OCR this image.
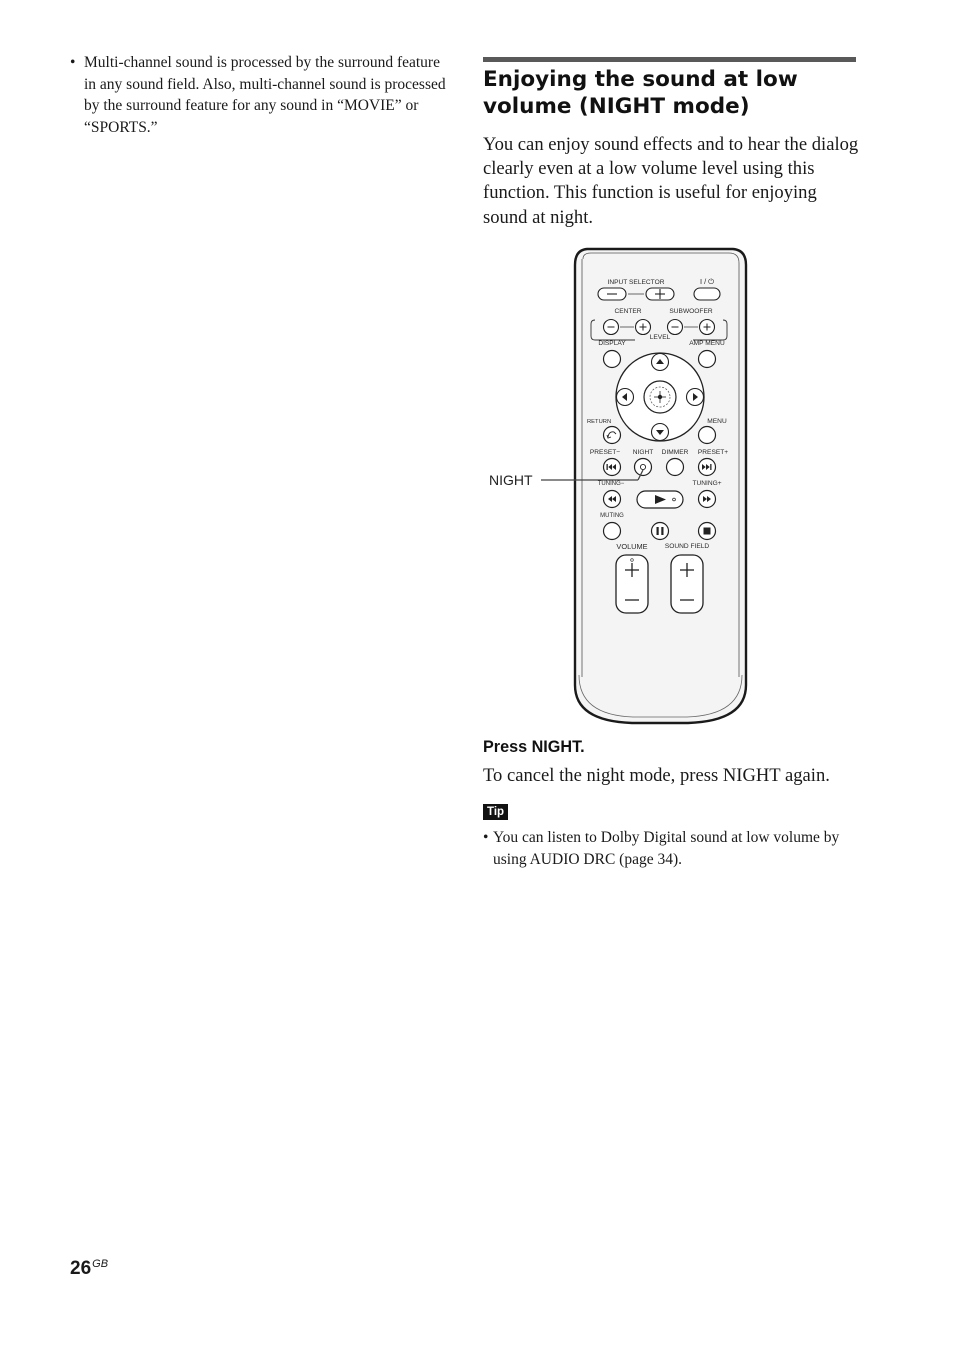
• Multi-channel sound is processed by the surround feature in any sound field. Also, multi-channel sound is processed by the surround feature for any sound in “MOVIE” or “SPORTS.”
Enjoying the sound at low volume (NIGHT mode)

You can enjoy sound effects and to hear the dialog clearly even at a low volume level using this function. This function is useful for enjoying sound at night.

INPUT SELECTOR	I / ⏻
CENTER	SUBWOOFER
LEVEL
DISPLAY	AMP MENU
RETURN	MENU
PRESET− NIGHT DIMMER PRESET+
TUNING−	TUNING+
MUTING
VOLUME	SOUND FIELD
NIGHT

Press NIGHT.

To cancel the night mode, press NIGHT again.

Tip
• You can listen to Dolby Digital sound at low volume by using AUDIO DRC (page 34).
$26^{GB}$
